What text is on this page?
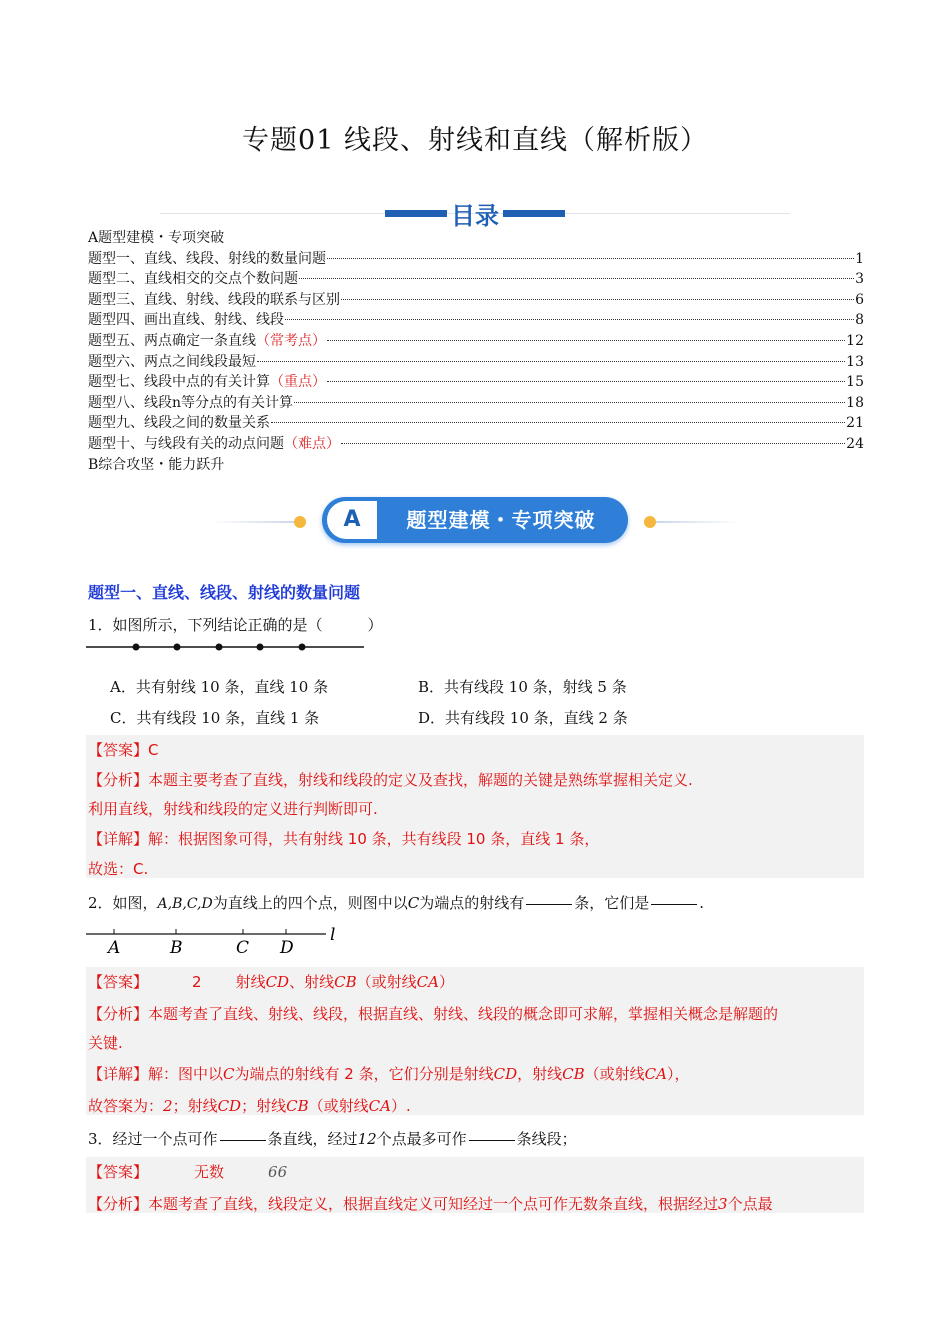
专题01 线段、射线和直线（解析版）
目录
A题型建模・专项突破
题型一、直线、线段、射线的数量问题	1
题型二、直线相交的交点个数问题	3
题型三、直线、射线、线段的联系与区别	6
题型四、画出直线、射线、线段	8
题型五、两点确定一条直线 （常考点）	12
题型六、两点之间线段最短	13
题型七、线段中点的有关计算 （重点）	15
题型八、线段n等分点的有关计算	18
题型九、线段之间的数量关系	21
题型十、与线段有关的动点问题 （难点）	24
B综合攻坚・能力跃升
A	题型建模・专项突破
题型一、直线、线段、射线的数量问题
1．如图所示，下列结论正确的是（　　　）
A．共有射线 10 条，直线 10 条	B．共有线段 10 条，射线 5 条
C．共有线段 10 条，直线 1 条	D．共有线段 10 条，直线 2 条
【答案】C
【分析】本题主要考查了直线，射线和线段的定义及查找，解题的关键是熟练掌握相关定义.
利用直线，射线和线段的定义进行判断即可.
【详解】解：根据图象可得，共有射线 10 条，共有线段 10 条，直线 1 条，
故选：C.
2．如图，A,B,C,D为直线上的四个点，则图中以C为端点的射线有	条，它们是	.
A	B	C D
l
【答案】	2 射线CD、射线CB（或射线CA）
【分析】本题考查了直线、射线、线段，根据直线、射线、线段的概念即可求解，掌握相关概念是解题的
关键.
【详解】解：图中以C为端点的射线有 2 条，它们分别是射线CD，射线CB（或射线CA），
故答案为：2；射线CD；射线CB（或射线CA）.
3．经过一个点可作	条直线，经过12个点最多可作	条线段；
【答案】	无数	66
【分析】本题考查了直线，线段定义，根据直线定义可知经过一个点可作无数条直线，根据经过3个点最
